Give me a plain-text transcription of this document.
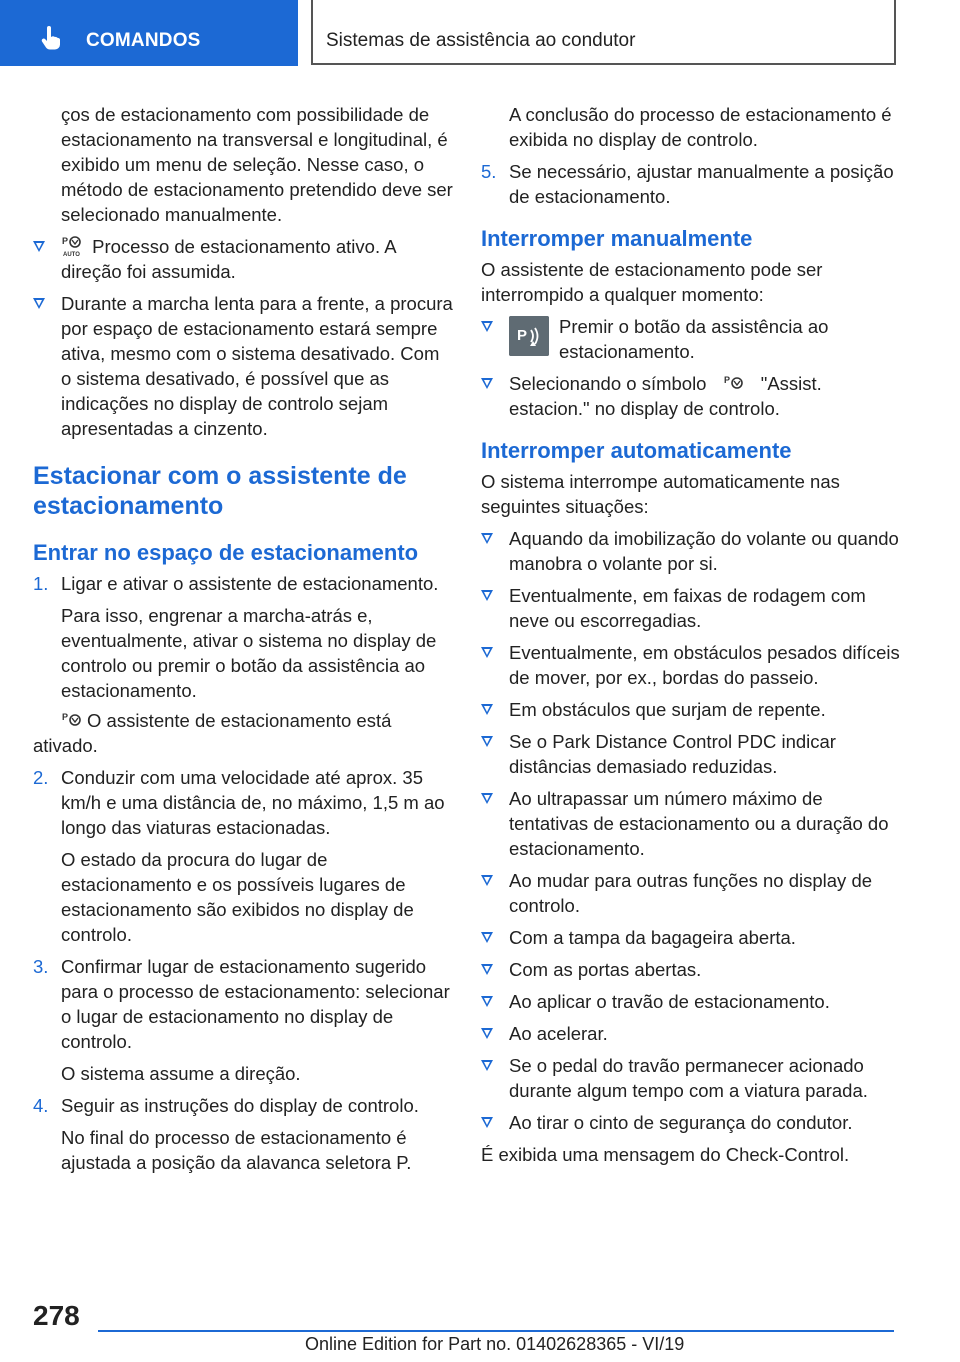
COMANDOS	Sistemas de assistência ao condutor

ços de estacionamento com possibilidade de estacionamento na transversal e longitudinal, é exibido um menu de seleção. Nesse caso, o método de estacionamento pretendido deve ser selecionado manualmente.

P
AUTO Processo de estacionamento ativo. A direção foi assumida.
Durante a marcha lenta para a frente, a procura por espaço de estacionamento estará sempre ativa, mesmo com o sistema desativado. Com o sistema desativado, é possível que as indicações no display de controlo sejam apresentadas a cinzento.
Estacionar com o assistente de estacionamento
Entrar no espaço de estacionamento
1. Ligar e ativar o assistente de estacionamento.
Para isso, engrenar a marcha-atrás e, eventualmente, ativar o sistema no display de controlo ou premir o botão da assistência ao estacionamento.
P O assistente de estacionamento está ativado.
2. Conduzir com uma velocidade até aprox. 35 km/h e uma distância de, no máximo, 1,5 m ao longo das viaturas estacionadas.
O estado da procura do lugar de estacionamento e os possíveis lugares de estacionamento são exibidos no display de controlo.
3. Confirmar lugar de estacionamento sugerido para o processo de estacionamento: selecionar o lugar de estacionamento no display de controlo.
O sistema assume a direção.
4. Seguir as instruções do display de controlo.
No final do processo de estacionamento é ajustada a posição da alavanca seletora P.

A conclusão do processo de estacionamento é exibida no display de controlo.

5. Se necessário, ajustar manualmente a posição de estacionamento.
Interromper manualmente

O assistente de estacionamento pode ser interrompido a qualquer momento:

P Premir o botão da assistência ao estacionamento.
Selecionando o símbolo P "Assist. estacion." no display de controlo.
Interromper automaticamente

O sistema interrompe automaticamente nas seguintes situações:

Aquando da imobilização do volante ou quando manobra o volante por si.
Eventualmente, em faixas de rodagem com neve ou escorregadias.
Eventualmente, em obstáculos pesados difíceis de mover, por ex., bordas do passeio.
Em obstáculos que surjam de repente.
Se o Park Distance Control PDC indicar distâncias demasiado reduzidas.
Ao ultrapassar um número máximo de tentativas de estacionamento ou a duração do estacionamento.
Ao mudar para outras funções no display de controlo.
Com a tampa da bagageira aberta.
Com as portas abertas.
Ao aplicar o travão de estacionamento.
Ao acelerar.
Se o pedal do travão permanecer acionado durante algum tempo com a viatura parada.
Ao tirar o cinto de segurança do condutor.

É exibida uma mensagem do Check-Control.

278
Online Edition for Part no. 01402628365 - VI/19
